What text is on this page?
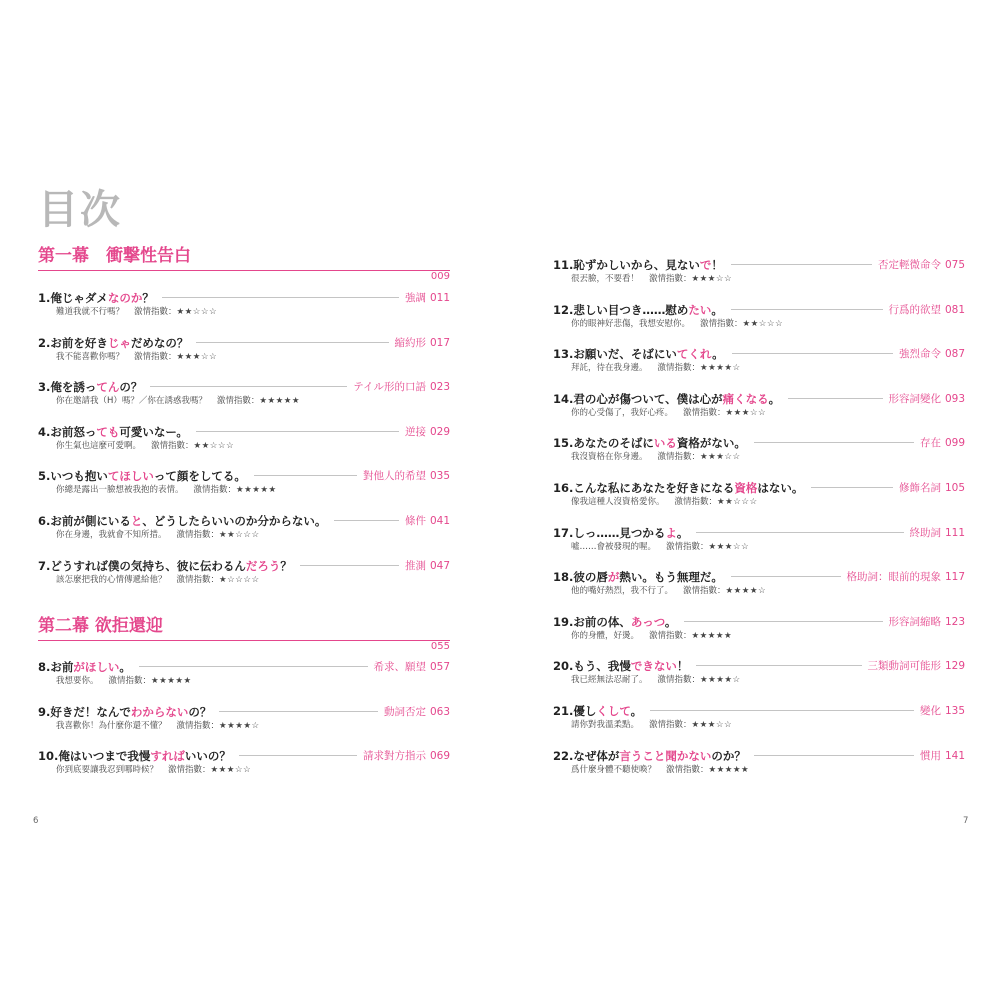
目次
第一幕　衝撃性告白
009
1.俺じゃダメなのか？	強調 011
難道我就不行嗎？ 激情指數：★★☆☆☆
2.お前を好きじゃだめなの？	縮約形 017
我不能喜歡你嗎？ 激情指數：★★★☆☆
3.俺を誘ってんの？	テイル形的口語 023
你在邀請我（H）嗎？／你在誘惑我嗎？ 激情指數：★★★★★
4.お前怒っても可愛いなー。	逆接 029
你生氣也這麼可愛啊。 激情指數：★★☆☆☆
5.いつも抱いてほしいって顔をしてる。	對他人的希望 035
你總是露出一臉想被我抱的表情。 激情指數：★★★★★
6.お前が側にいると、どうしたらいいのか分からない。	條件 041
你在身邊，我就會不知所措。 激情指數：★★☆☆☆
7.どうすれば僕の気持ち、彼に伝わるんだろう？	推測 047
該怎麼把我的心情傳遞給他？ 激情指數：★☆☆☆☆
第二幕 欲拒還迎
055
8.お前がほしい。	希求、願望 057
我想要你。 激情指數：★★★★★
9.好きだ！なんでわからないの？	動詞否定 063
我喜歡你！為什麼你還不懂？ 激情指數：★★★★☆
10.俺はいつまで我慢すればいいの？	請求對方指示 069
你到底要讓我忍到哪時候？ 激情指數：★★★☆☆
11.恥ずかしいから、見ないで！	否定輕微命令 075
很丟臉，不要看！ 激情指數：★★★☆☆
12.悲しい目つき……慰めたい。	行爲的欲望 081
你的眼神好悲傷，我想安慰你。 激情指數：★★☆☆☆
13.お願いだ、そばにいてくれ。	強烈命令 087
拜託，待在我身邊。 激情指數：★★★★☆
14.君の心が傷ついて、僕は心が痛くなる。	形容詞變化 093
你的心受傷了，我好心疼。 激情指數：★★★☆☆
15.あなたのそばにいる資格がない。	存在 099
我沒資格在你身邊。 激情指數：★★★☆☆
16.こんな私にあなたを好きになる資格はない。	修飾名詞 105
像我這種人沒資格愛你。 激情指數：★★☆☆☆
17.しっ……見つかるよ。	終助詞 111
噓……會被發現的喔。 激情指數：★★★☆☆
18.彼の唇が熱い。もう無理だ。	格助詞：眼前的現象 117
他的嘴好熱烈，我不行了。 激情指數：★★★★☆
19.お前の体、あっつ。	形容詞縮略 123
你的身體，好燙。 激情指數：★★★★★
20.もう、我慢できない！	三類動詞可能形 129
我已經無法忍耐了。 激情指數：★★★★☆
21.優しくして。	變化 135
請你對我溫柔點。 激情指數：★★★☆☆
22.なぜ体が言うこと聞かないのか？	慣用 141
爲什麼身體不聽使喚？ 激情指數：★★★★★
6	7
